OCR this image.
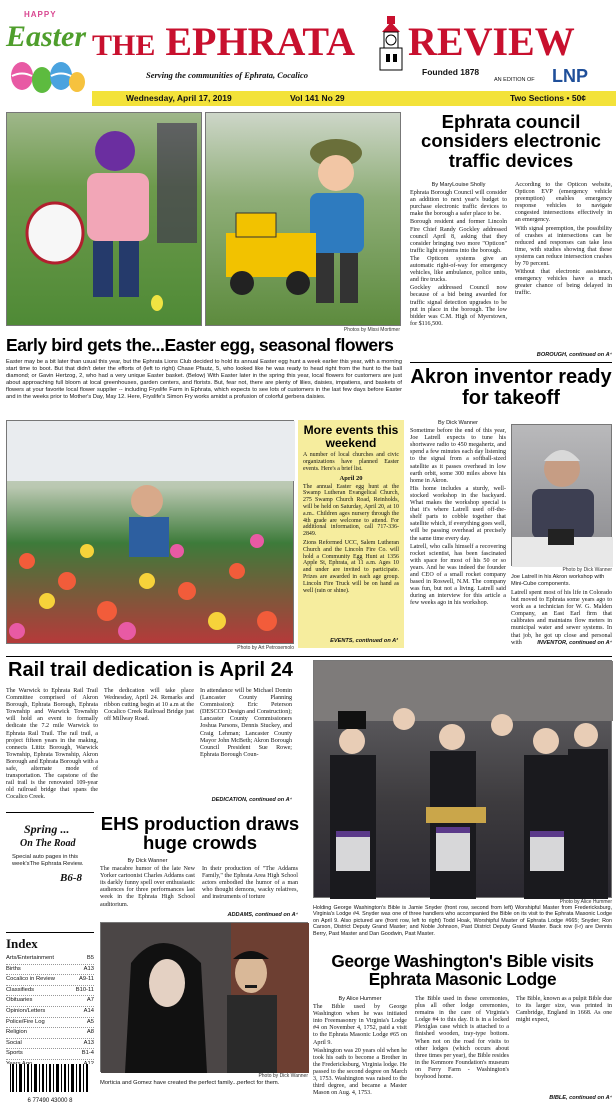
HAPPY
Easter THE EPHRATA	REVIEW
Serving the communities of Ephrata, Cocalico	Founded 1878
AN EDITION OF LNP
Wednesday, April 17, 2019	Vol 141 No 29	Two Sections • 50¢
Photos by Missi Mortimer
Early bird gets the...Easter egg, seasonal flowers
Easter may be a bit later than usual this year, but the Ephrata Lions Club decided to hold its annual Easter egg hunt a week earlier this year, with a morning start time to boot. But that didn't deter the efforts of (left to right) Chase Pfautz, 5, who looked like he was ready to head right from the hunt to the ball diamond; or Gavin Hertzog, 2, who had a very unique Easter basket. (Below) With Easter later in the spring this year, local flowers for customers are just about approaching full bloom at local greenhouses, garden centers, and florists. But, fear not, there are plenty of lilies, daisies, impatiens, and baskets of flowers at your favorite local flower supplier -- including Fryslife Farm in Ephrata, which expects to see lots of customers in the last few days before Easter and in the weeks prior to Mother's Day, May 12. Here, Fryslife's Simon Fry works amidst a profusion of colorful gerbera daisies.
Photo by Art Petrosemolo
More events this weekend
A number of local churches and civic organizations have planned Easter events. Here's a brief list.
April 20
The annual Easter egg hunt at the Swamp Lutheran Evangelical Church, 275 Swamp Church Road, Reinholds, will be held on Saturday, April 20, at 10 a.m.. Children ages nursery through the 4th grade are welcome to attend. For additional information, call 717-336-2849.
Zions Reformed UCC, Salem Lutheran Church and the Lincoln Fire Co. will hold a Community Egg Hunt at 1356 Apple St, Ephrata, at 11 a.m. Ages 10 and under are invited to participate. Prizes are awarded in each age group. Lincoln Fire Truck will be on hand as well (rain or shine).
EVENTS, continued on A³
Ephrata council considers electronic traffic devices
By MaryLouise Sholly

Ephrata Borough Council will consider an addition to next year's budget to purchase electronic traffic devices to make the borough a safer place to be.

Borough resident and former Lincoln Fire Chief Randy Gockley addressed council April 8, asking that they consider bringing two more "Opticon" traffic light systems into the borough.

The Opticom systems give an automatic right-of-way for emergency vehicles, like ambulance, police units, and fire trucks.

Gockley addressed Council now because of a bid being awarded for traffic signal detection upgrades to be put in place in the borough. The low bidder was C.M. High of Myerstown, for $116,500.

According to the Opticon website, Opticon EVP (emergency vehicle preemption) enables emergency response vehicles to navigate congested intersections effectively in an emergency.

With signal preemption, the possibility of crashes at intersections can be reduced and responses can take less time, with studies showing that these systems can reduce intersection crashes by 70 percent.

Without that electronic assistance, emergency vehicles have a much greater chance of being delayed in traffic.

BOROUGH, continued on A⁴
Akron inventor ready for takeoff
By Dick Wanner

Sometime before the end of this year, Joe Latrell expects to tune his shortwave radio to 450 megahertz, and spend a few minutes each day listening to the signal from a softball-sized satellite as it passes overhead in low earth orbit, some 300 miles above his home in Akron.

His home includes a sturdy, well-stocked workshop in the backyard. What makes the workshop special is that it's where Latrell used off-the-shelf parts to cobble together that satellite which, if everything goes well, will be passing overhead at precisely the same time every day.

Latrell, who calls himself a recovering rocket scientist, has been fascinated with space for most of his 50 or so years. And he was indeed the founder and CEO of a small rocket company based in Roswell, N.M. The company was fun, but not a living. Latrell said during an interview for this article a few weeks ago in his workshop.

Photo by Dick Wanner
Joe Latrell in his Akron workshop with Mini-Cube components.

Latrell spent most of his life in Colorado but moved to Ephrata some years ago to work as a technician for W. G. Malden Company, an East Earl firm that calibrates and maintains flow meters in municipal water and sewer systems. In that job, he got up close and personal with	INVENTOR, continued on A⁴
Rail trail dedication is April 24

The Warwick to Ephrata Rail Trail Committee comprised of Akron Borough, Ephrata Borough, Ephrata Township and Warwick Township will hold an event to formally dedicate the 7.2 mile Warwick to Ephrata Rail Trail. The rail trail, a project fifteen years in the making, connects Lititz Borough, Warwick Township, Ephrata Township, Akron Borough and Ephrata Borough with a safe, alternate mode of transportation. The capstone of the rail trail is the renovated 109-year old railroad bridge that spans the Cocalico Creek.

The dedication will take place Wednesday, April 24. Remarks and ribbon cutting begin at 10 a.m at the Cocalico Creek Railroad Bridge just off Millway Road.

In attendance will be Michael Domin (Lancaster County Planning Commission): Eric Peterson (DESCCO Design and Construction); Lancaster County Commissioners Joshua Parsons, Dennis Stuckey, and Craig Lehman; Lancaster County Mayor John McBeth; Akron Borough Council President Sue Rowe; Ephrata Borough Coun-

DEDICATION, continued on A⁴
Photo by Alice Hummer
Holding George Washington's Bible is Jamie Snyder (front row, second from left) Worshipful Master from Fredericksburg, Virginia's Lodge #4. Snyder was one of three handlers who accompanied the Bible on its visit to the Ephrata Masonic Lodge on April 9. Also pictured are (front row, left to right) Todd Hoak, Worshipful Master of Ephrata Lodge #665; Snyder; Ron Carson, District Deputy Grand Master; and Noble Johnson, Past District Deputy Grand Master. Back row (l-r) are Dennis Berry, Past Master and Dan Goodwin, Past Master.
Spring ...
On The Road
Special auto pages in this week'sThe Ephrata Review.
B6-8
Index
Arts/Entertainment	B5
Births	A13
Cocalico in Review	A9-11
Classifieds	B10-11
Obituaries	A7
Opinion/Letters	A14
Police/Fire Log	A5
Religion	A8
Social	A13
Sports	B1-4
6 77490 43000 8
EHS production draws huge crowds
By Dick Wanner

The macabre humor of the late New Yorker cartoonist Charles Addams cast its darkly funny spell over enthusiastic audiences for three performances last week in the Ephrata High School auditorium.

In their production of "The Addams Family," the Ephrata Area High School actors embodied the humor of a man who thought demons, wacky relatives, and instruments of torture

ADDAMS, continued on A⁴
Photo by Dick Wanner
Morticia and Gomez have created the perfect family...perfect for them.
George Washington's Bible visits Ephrata Masonic Lodge
By Alice Hummer

The Bible used by George Washington when he was initiated into Freemasonry in Virginia's Lodge #4 on November 4, 1752, paid a visit to the Ephrata Masonic Lodge #65 on April 9.

Washington was 20 years old when he took his oath to become a Brother in the Fredericksburg, Virginia lodge. He passed to the second degree on March 3, 1753. Washington was raised to the third degree, and became a Master Mason on Aug. 4, 1753.

The Bible used in these ceremonies, plus all other lodge ceremonies, remains in the care of Virginia's Lodge #4 to this day. It is in a locked Plexiglas case which is attached to a finished wooden, tray-type bottom. When not on the road for visits to other lodges (which occurs about three times per year), the Bible resides in the Kenmore Foundation's museum on Ferry Farm - Washington's boyhood home.

The Bible, known as a pulpit Bible due to its larger size, was printed in Cambridge, England in 1668. As one might expect,

BIBLE, continued on A⁴
